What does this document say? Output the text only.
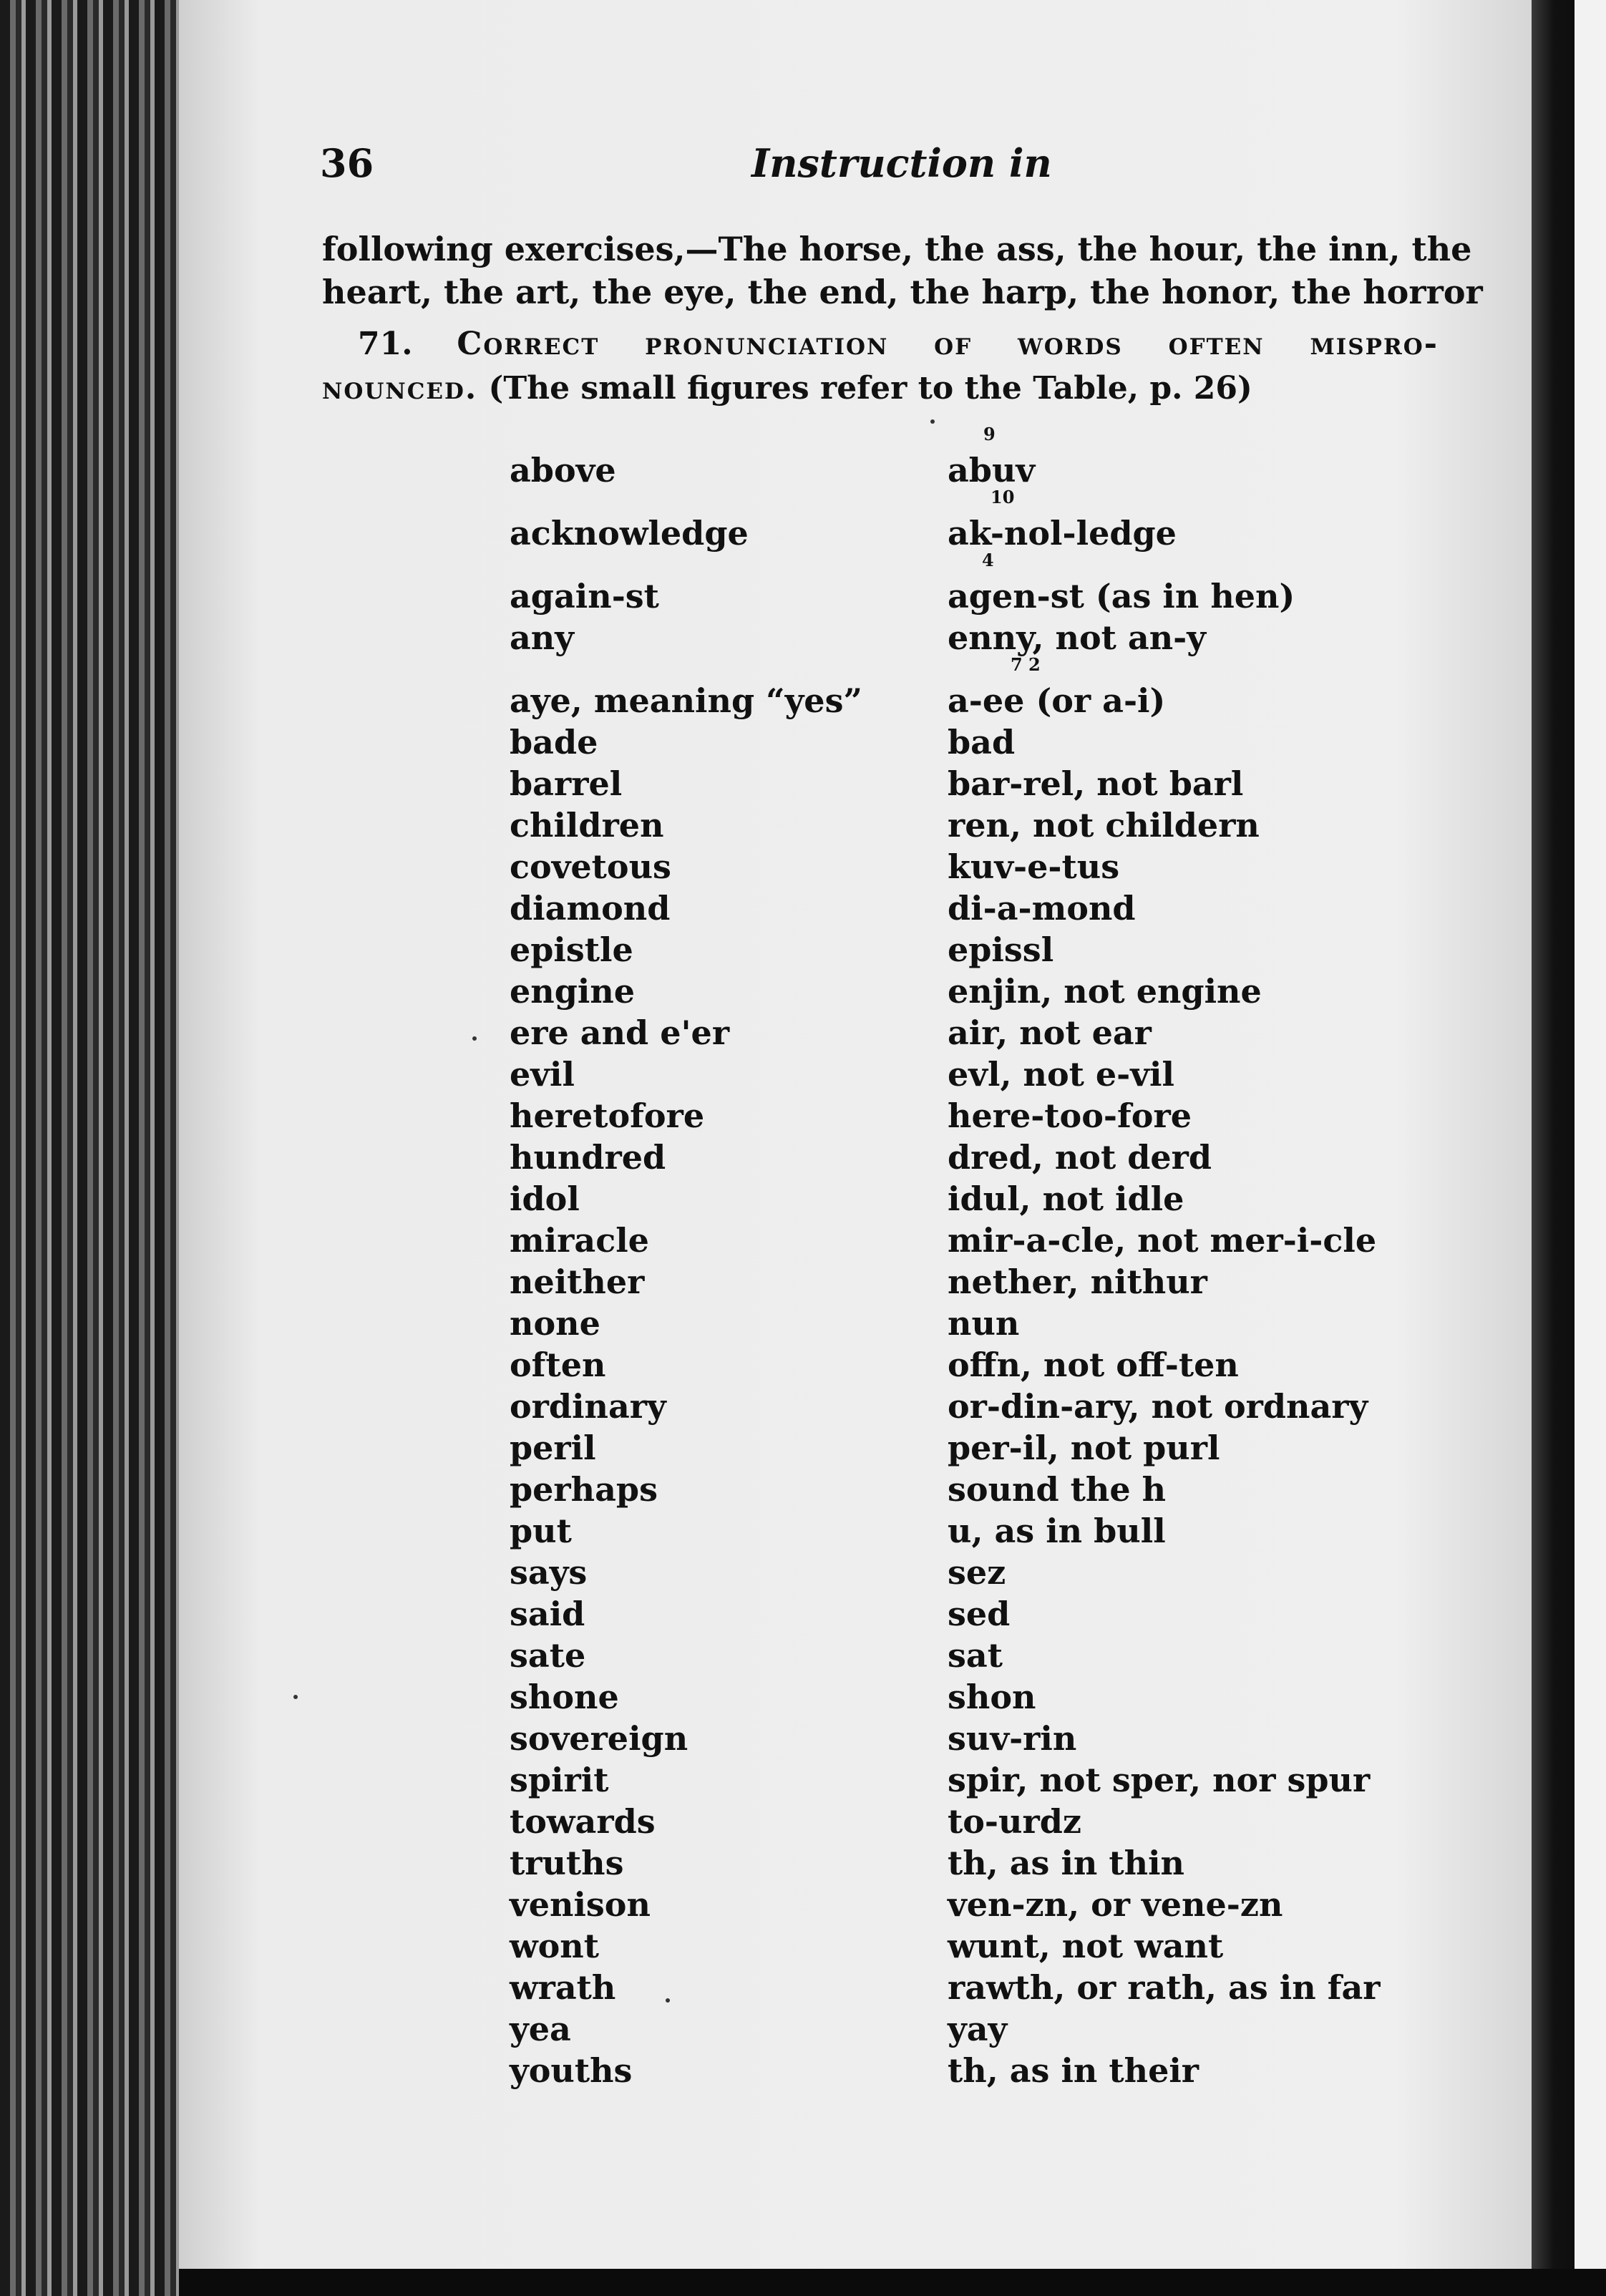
36	Instruction in
following exercises,—The horse, the ass, the hour, the inn, the
heart, the art, the eye, the end, the harp, the honor, the horror
71. Correct pronunciation of words often mispro-
nounced. (The small figures refer to the Table, p. 26)
above	abuv
9
acknowledge	ak-nol-ledge
10
again-st	agen-st (as in hen)
4
any	enny, not an-y
aye, meaning “yes”	a-ee (or a-i)
7 2
bade	bad
barrel	bar-rel, not barl
children	ren, not childern
covetous	kuv-e-tus
diamond	di-a-mond
epistle	epissl
engine	enjin, not engine
ere and e'er	air, not ear
evil	evl, not e-vil
heretofore	here-too-fore
hundred	dred, not derd
idol	idul, not idle
miracle	mir-a-cle, not mer-i-cle
neither	nether, nithur
none	nun
often	offn, not off-ten
ordinary	or-din-ary, not ordnary
peril	per-il, not purl
perhaps	sound the h
put	u, as in bull
says	sez
said	sed
sate	sat
shone	shon
sovereign	suv-rin
spirit	spir, not sper, nor spur
towards	to-urdz
truths	th, as in thin
venison	ven-zn, or vene-zn
wont	wunt, not want
wrath	rawth, or rath, as in far
yea	yay
youths	th, as in their
